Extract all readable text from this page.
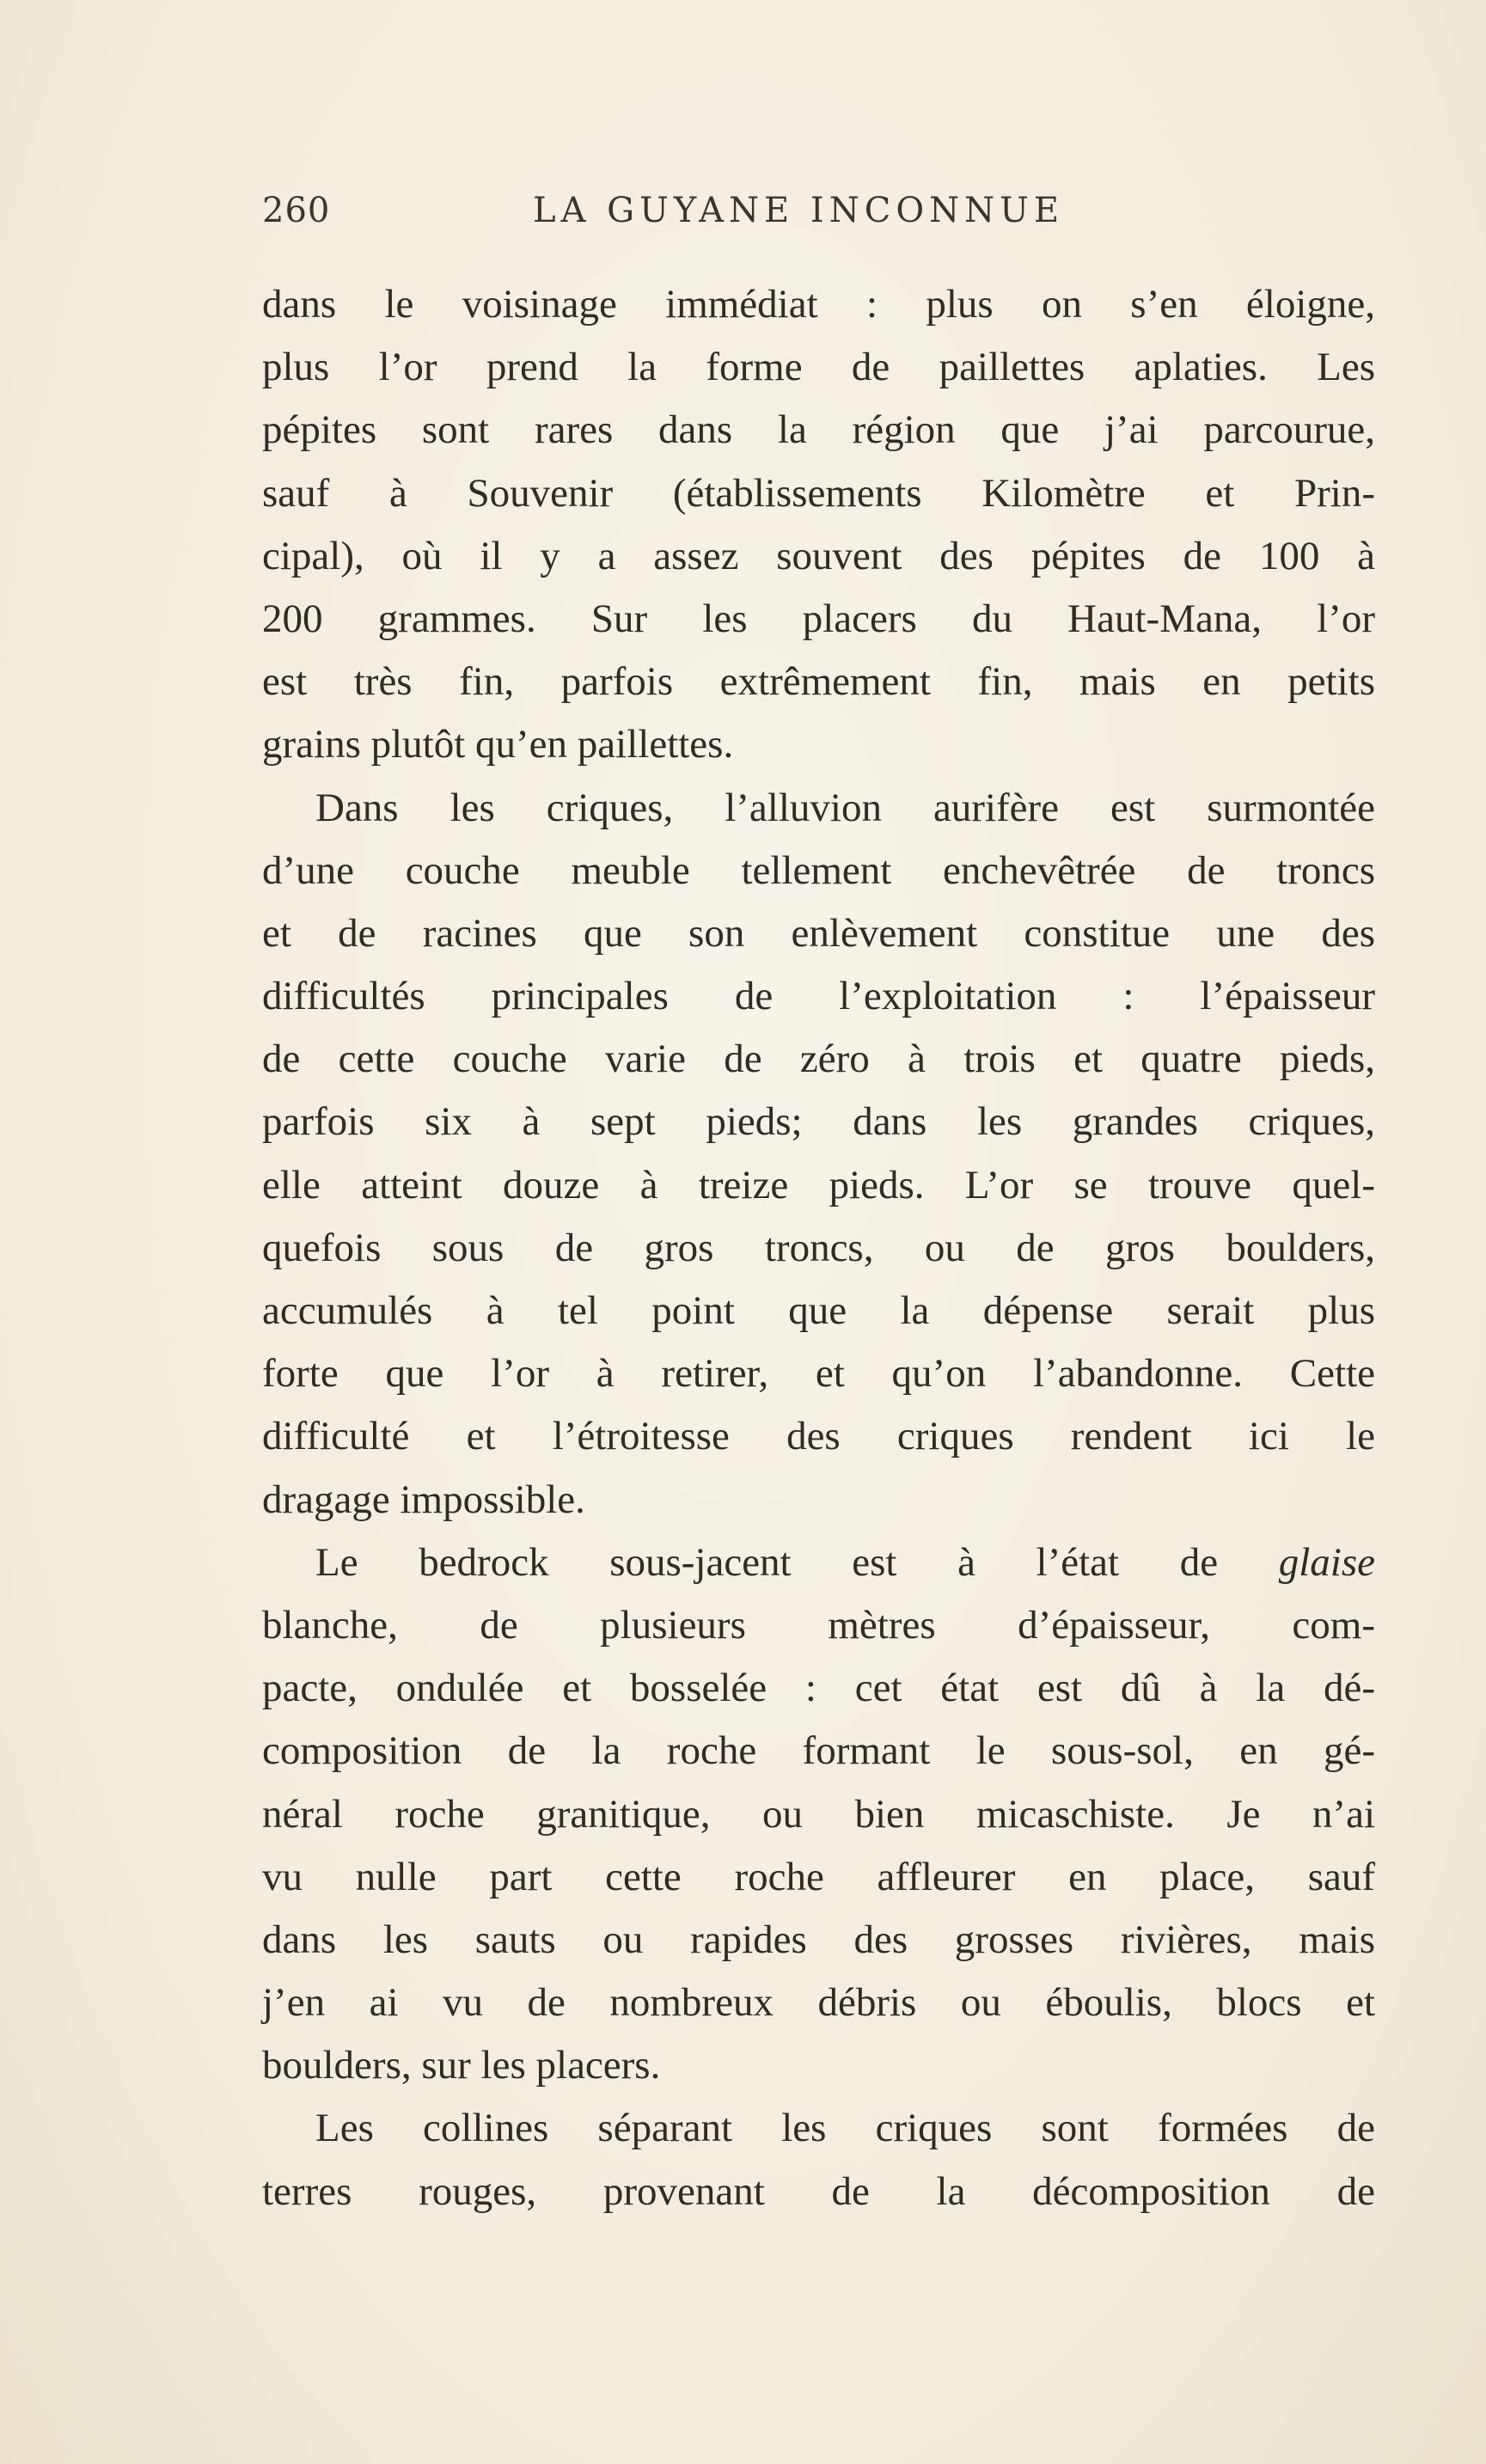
260	LA GUYANE INCONNUE
dans le voisinage immédiat : plus on s’en éloigne,
plus l’or prend la forme de paillettes aplaties. Les
pépites sont rares dans la région que j’ai parcourue,
sauf à Souvenir (établissements Kilomètre et Prin-
cipal), où il y a assez souvent des pépites de 100 à
200 grammes. Sur les placers du Haut-Mana, l’or
est très fin, parfois extrêmement fin, mais en petits
grains plutôt qu’en paillettes.
Dans les criques, l’alluvion aurifère est surmontée
d’une couche meuble tellement enchevêtrée de troncs
et de racines que son enlèvement constitue une des
difficultés principales de l’exploitation : l’épaisseur
de cette couche varie de zéro à trois et quatre pieds,
parfois six à sept pieds; dans les grandes criques,
elle atteint douze à treize pieds. L’or se trouve quel-
quefois sous de gros troncs, ou de gros boulders,
accumulés à tel point que la dépense serait plus
forte que l’or à retirer, et qu’on l’abandonne. Cette
difficulté et l’étroitesse des criques rendent ici le
dragage impossible.
Le bedrock sous-jacent est à l’état de glaise
blanche, de plusieurs mètres d’épaisseur, com-
pacte, ondulée et bosselée : cet état est dû à la dé-
composition de la roche formant le sous-sol, en gé-
néral roche granitique, ou bien micaschiste. Je n’ai
vu nulle part cette roche affleurer en place, sauf
dans les sauts ou rapides des grosses rivières, mais
j’en ai vu de nombreux débris ou éboulis, blocs et
boulders, sur les placers.
Les collines séparant les criques sont formées de
terres rouges, provenant de la décomposition de
